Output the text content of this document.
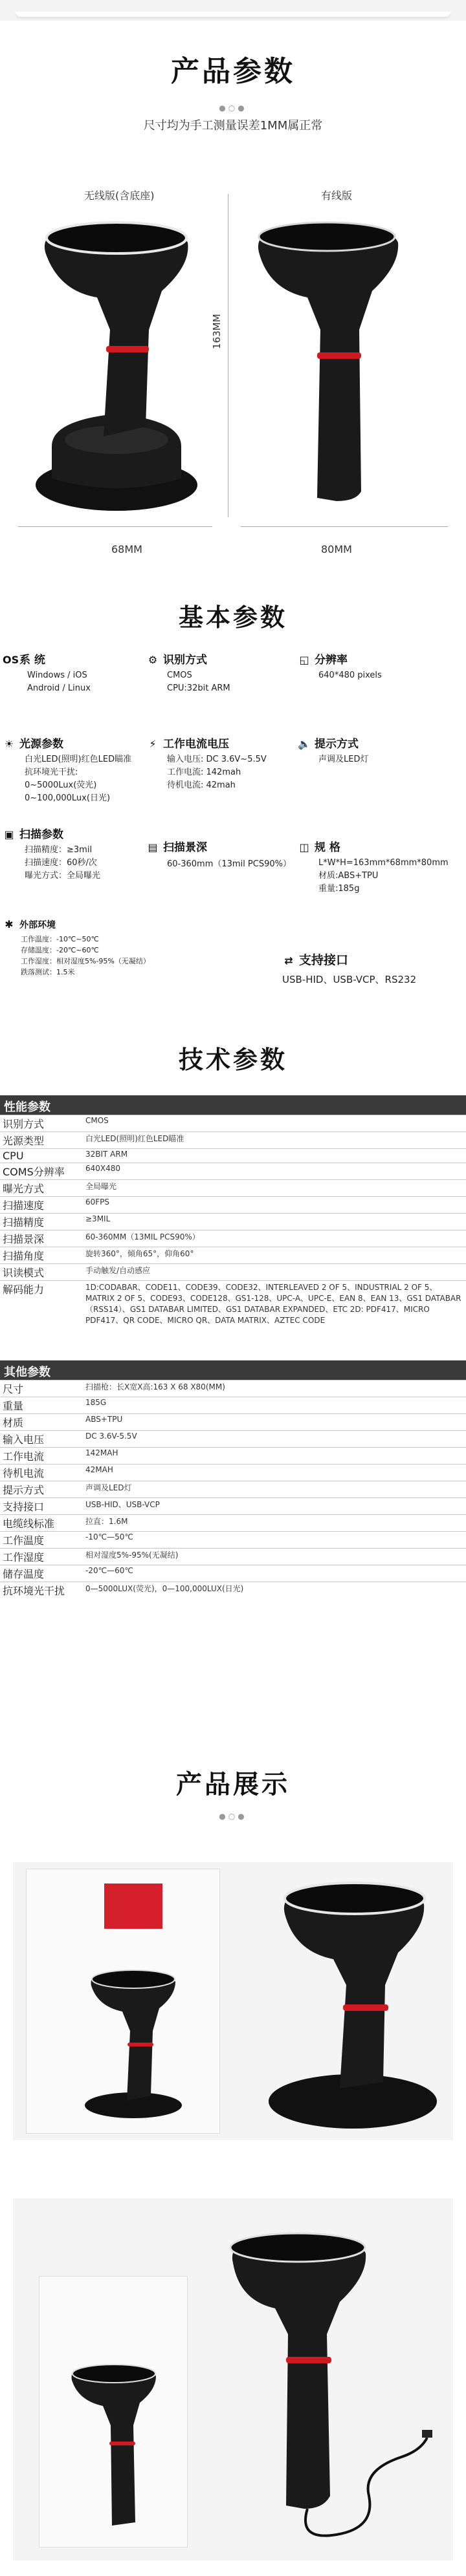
产品参数
●○●
尺寸均为手工测量误差1MM属正常
无线版(含底座)	有线版
163MM
68MM	80MM
基本参数
OS系 统
Windows / iOS
Android / Linux
⚙ 识别方式
CMOS
CPU:32bit ARM
◱ 分辨率
640*480 pixels
☀ 光源参数
白光LED(照明)红色LED瞄准
抗环境光干扰:
0~5000Lux(荧光)
0~100,000Lux(日光)
⚡ 工作电流电压
输入电压: DC 3.6V~5.5V
工作电流: 142mah
待机电流: 42mah
🔈 提示方式
声调及LED灯
▣ 扫描参数
扫描精度：≥3mil
扫描速度：60秒/次
曝光方式：全局曝光
▤ 扫描景深
60-360mm（13mil PCS90%）
◫ 规 格
L*W*H=163mm*68mm*80mm
材质:ABS+TPU
重量:185g
✱ 外部环境
工作温度：-10℃~50℃
存储温度：-20℃~60℃
工作湿度：相对湿度5%-95%（无凝结）
跌落测试：1.5米
⇄ 支持接口
USB-HID、USB-VCP、RS232
技术参数
性能参数
识别方式	CMOS
光源类型	白光LED(照明)红色LED瞄准
CPU	32BIT ARM
COMS分辨率	640X480
曝光方式	全局曝光
扫描速度	60FPS
扫描精度	≥3MIL
扫描景深	60-360MM（13MIL PCS90%）
扫描角度	旋转360°，倾角65°，仰角60°
识读模式	手动触发/自动感应
解码能力	1D:CODABAR、CODE11、CODE39、CODE32、INTERLEAVED 2 OF 5、INDUSTRIAL 2 OF 5、MATRIX 2 OF 5、CODE93、CODE128、GS1-128、UPC-A、UPC-E、EAN 8、EAN 13、GS1 DATABAR（RSS14）、GS1 DATABAR LIMITED、GS1 DATABAR EXPANDED、ETC 2D: PDF417、MICRO PDF417、QR CODE、MICRO QR、DATA MATRIX、AZTEC CODE
其他参数
尺寸	扫描枪：长X宽X高:163 X 68 X80(MM)
重量	185G
材质	ABS+TPU
输入电压	DC 3.6V-5.5V
工作电流	142MAH
待机电流	42MAH
提示方式	声调及LED灯
支持接口	USB-HID、USB-VCP
电缆线标准	拉直：1.6M
工作温度	-10℃—50℃
工作湿度	相对湿度5%-95%(无凝结)
储存温度	-20℃—60℃
抗环境光干扰	0—5000LUX(荧光)，0—100,000LUX(日光)
产品展示
●○●
